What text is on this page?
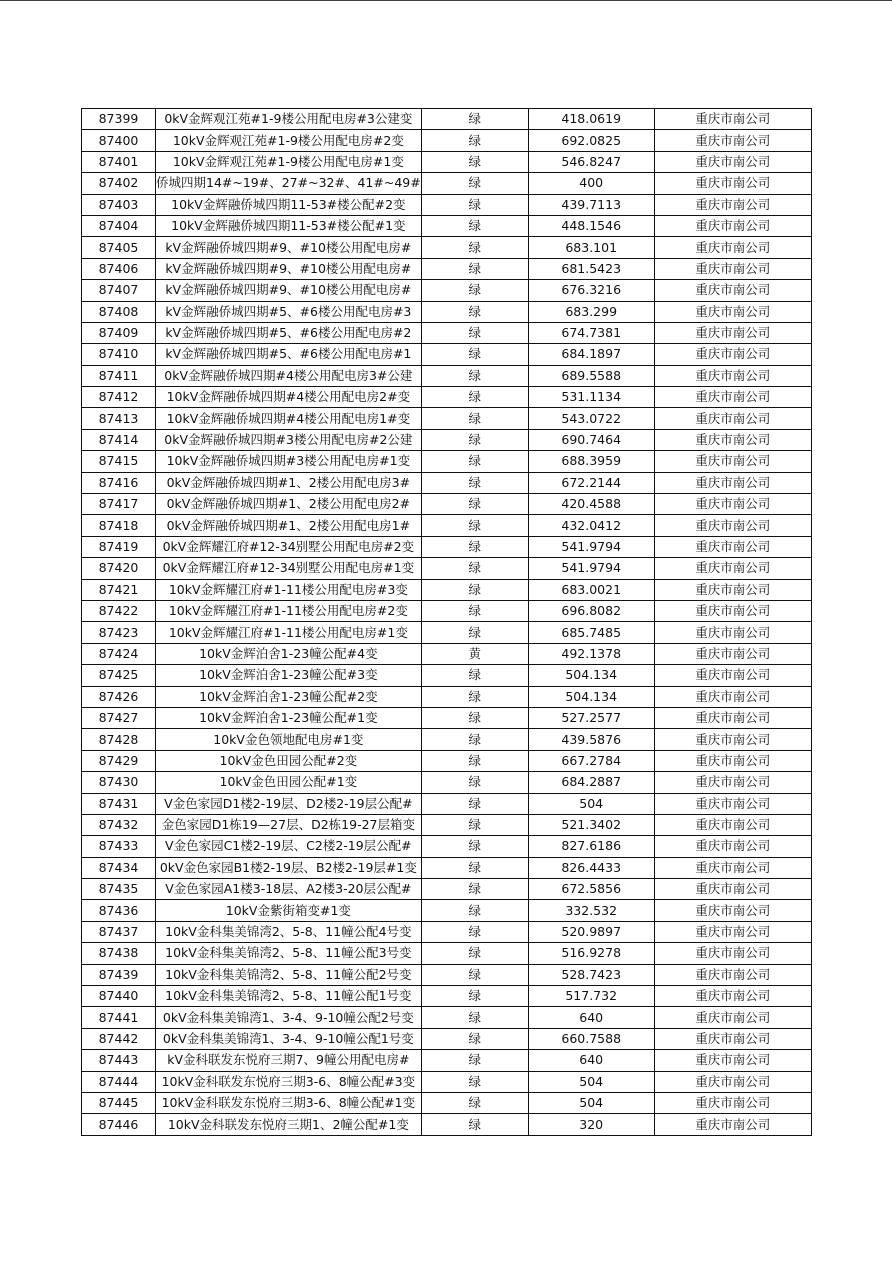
87399	0kV金辉观江苑#1-9楼公用配电房#3公建变	绿	418.0619	重庆市南公司
87400	10kV金辉观江苑#1-9楼公用配电房#2变	绿	692.0825	重庆市南公司
87401	10kV金辉观江苑#1-9楼公用配电房#1变	绿	546.8247	重庆市南公司
87402	侨城四期14#~19#、27#~32#、41#~49#	绿	400	重庆市南公司
87403	10kV金辉融侨城四期11-53#楼公配#2变	绿	439.7113	重庆市南公司
87404	10kV金辉融侨城四期11-53#楼公配#1变	绿	448.1546	重庆市南公司
87405	kV金辉融侨城四期#9、#10楼公用配电房#	绿	683.101	重庆市南公司
87406	kV金辉融侨城四期#9、#10楼公用配电房#	绿	681.5423	重庆市南公司
87407	kV金辉融侨城四期#9、#10楼公用配电房#	绿	676.3216	重庆市南公司
87408	kV金辉融侨城四期#5、#6楼公用配电房#3	绿	683.299	重庆市南公司
87409	kV金辉融侨城四期#5、#6楼公用配电房#2	绿	674.7381	重庆市南公司
87410	kV金辉融侨城四期#5、#6楼公用配电房#1	绿	684.1897	重庆市南公司
87411	0kV金辉融侨城四期#4楼公用配电房3#公建	绿	689.5588	重庆市南公司
87412	10kV金辉融侨城四期#4楼公用配电房2#变	绿	531.1134	重庆市南公司
87413	10kV金辉融侨城四期#4楼公用配电房1#变	绿	543.0722	重庆市南公司
87414	0kV金辉融侨城四期#3楼公用配电房#2公建	绿	690.7464	重庆市南公司
87415	10kV金辉融侨城四期#3楼公用配电房#1变	绿	688.3959	重庆市南公司
87416	0kV金辉融侨城四期#1、2楼公用配电房3#	绿	672.2144	重庆市南公司
87417	0kV金辉融侨城四期#1、2楼公用配电房2#	绿	420.4588	重庆市南公司
87418	0kV金辉融侨城四期#1、2楼公用配电房1#	绿	432.0412	重庆市南公司
87419	0kV金辉耀江府#12-34别墅公用配电房#2变	绿	541.9794	重庆市南公司
87420	0kV金辉耀江府#12-34别墅公用配电房#1变	绿	541.9794	重庆市南公司
87421	10kV金辉耀江府#1-11楼公用配电房#3变	绿	683.0021	重庆市南公司
87422	10kV金辉耀江府#1-11楼公用配电房#2变	绿	696.8082	重庆市南公司
87423	10kV金辉耀江府#1-11楼公用配电房#1变	绿	685.7485	重庆市南公司
87424	10kV金辉泊舍1-23幢公配#4变	黄	492.1378	重庆市南公司
87425	10kV金辉泊舍1-23幢公配#3变	绿	504.134	重庆市南公司
87426	10kV金辉泊舍1-23幢公配#2变	绿	504.134	重庆市南公司
87427	10kV金辉泊舍1-23幢公配#1变	绿	527.2577	重庆市南公司
87428	10kV金色领地配电房#1变	绿	439.5876	重庆市南公司
87429	10kV金色田园公配#2变	绿	667.2784	重庆市南公司
87430	10kV金色田园公配#1变	绿	684.2887	重庆市南公司
87431	V金色家园D1楼2-19层、D2楼2-19层公配#	绿	504	重庆市南公司
87432	金色家园D1栋19—27层、D2栋19-27层箱变	绿	521.3402	重庆市南公司
87433	V金色家园C1楼2-19层、C2楼2-19层公配#	绿	827.6186	重庆市南公司
87434	0kV金色家园B1楼2-19层、B2楼2-19层#1变	绿	826.4433	重庆市南公司
87435	V金色家园A1楼3-18层、A2楼3-20层公配#	绿	672.5856	重庆市南公司
87436	10kV金紫街箱变#1变	绿	332.532	重庆市南公司
87437	10kV金科集美锦湾2、5-8、11幢公配4号变	绿	520.9897	重庆市南公司
87438	10kV金科集美锦湾2、5-8、11幢公配3号变	绿	516.9278	重庆市南公司
87439	10kV金科集美锦湾2、5-8、11幢公配2号变	绿	528.7423	重庆市南公司
87440	10kV金科集美锦湾2、5-8、11幢公配1号变	绿	517.732	重庆市南公司
87441	0kV金科集美锦湾1、3-4、9-10幢公配2号变	绿	640	重庆市南公司
87442	0kV金科集美锦湾1、3-4、9-10幢公配1号变	绿	660.7588	重庆市南公司
87443	kV金科联发东悦府三期7、9幢公用配电房#	绿	640	重庆市南公司
87444	10kV金科联发东悦府三期3-6、8幢公配#3变	绿	504	重庆市南公司
87445	10kV金科联发东悦府三期3-6、8幢公配#1变	绿	504	重庆市南公司
87446	10kV金科联发东悦府三期1、2幢公配#1变	绿	320	重庆市南公司
